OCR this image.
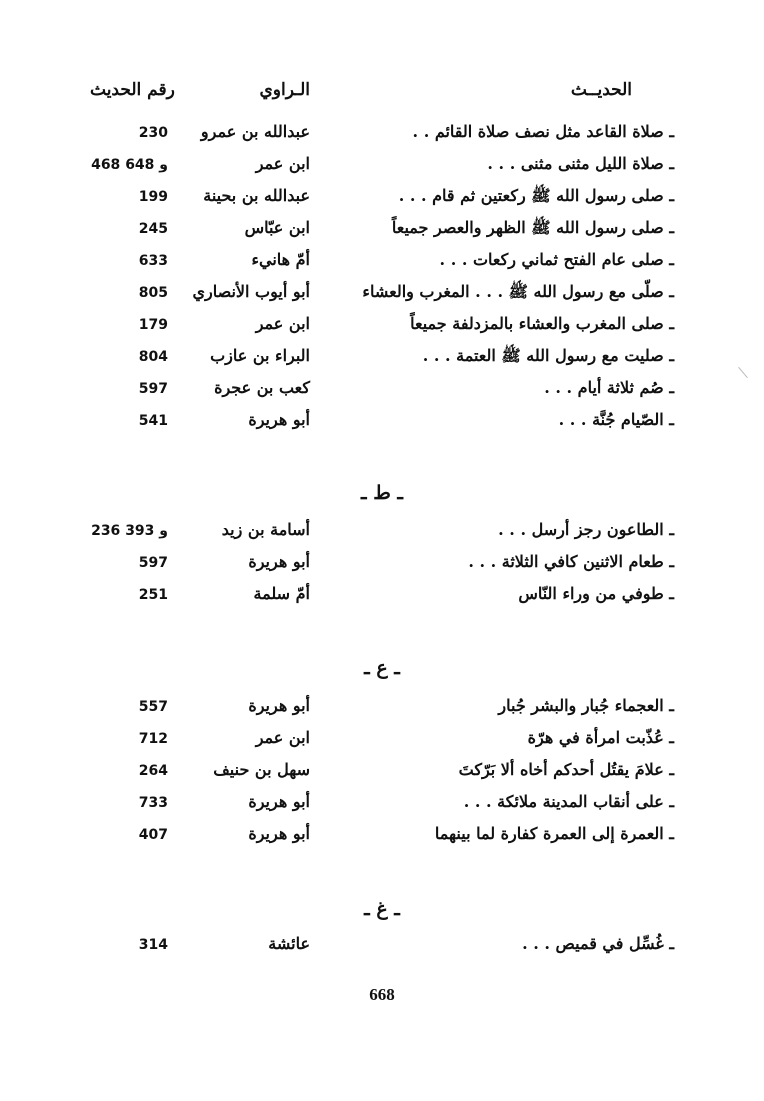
الحديــث
الـراوي
رقم الحديث
ـ صلاة القاعد مثل نصف صلاة القائم . .
عبدالله بن عمرو
230
ـ صلاة الليل مثنى مثنى . . .
ابن عمر
468 و 648
ـ صلى رسول الله ﷺ ركعتين ثم قام . . .
عبدالله بن بحينة
199
ـ صلى رسول الله ﷺ الظهر والعصر جميعاً
ابن عبّاس
245
ـ صلى عام الفتح ثماني ركعات . . .
أمّ هانيء
633
ـ صلّى مع رسول الله ﷺ . . . المغرب والعشاء
أبو أيوب الأنصاري
805
ـ صلى المغرب والعشاء بالمزدلفة جميعاً
ابن عمر
179
ـ صليت مع رسول الله ﷺ العتمة . . .
البراء بن عازب
804
ـ صُم ثلاثة أيام . . .
كعب بن عجرة
597
ـ الصّيام جُنَّة . . .
أبو هريرة
541
ـ ط ـ
ـ الطاعون رجز أرسل . . .
أسامة بن زيد
236 و 393
ـ طعام الاثنين كافي الثلاثة . . .
أبو هريرة
597
ـ طوفي من وراء النّاس
أمّ سلمة
251
ـ ع ـ
ـ العجماء جُبار والبشر جُبار
أبو هريرة
557
ـ عُذّبت امرأة في هرّة
ابن عمر
712
ـ علامَ يقتُل أحدكم أخاه ألا بَرّكتَ
سهل بن حنيف
264
ـ على أنقاب المدينة ملائكة . . .
أبو هريرة
733
ـ العمرة إلى العمرة كفارة لما بينهما
أبو هريرة
407
ـ غ ـ
ـ غُسِّل في قميص . . .
عائشة
314
668
